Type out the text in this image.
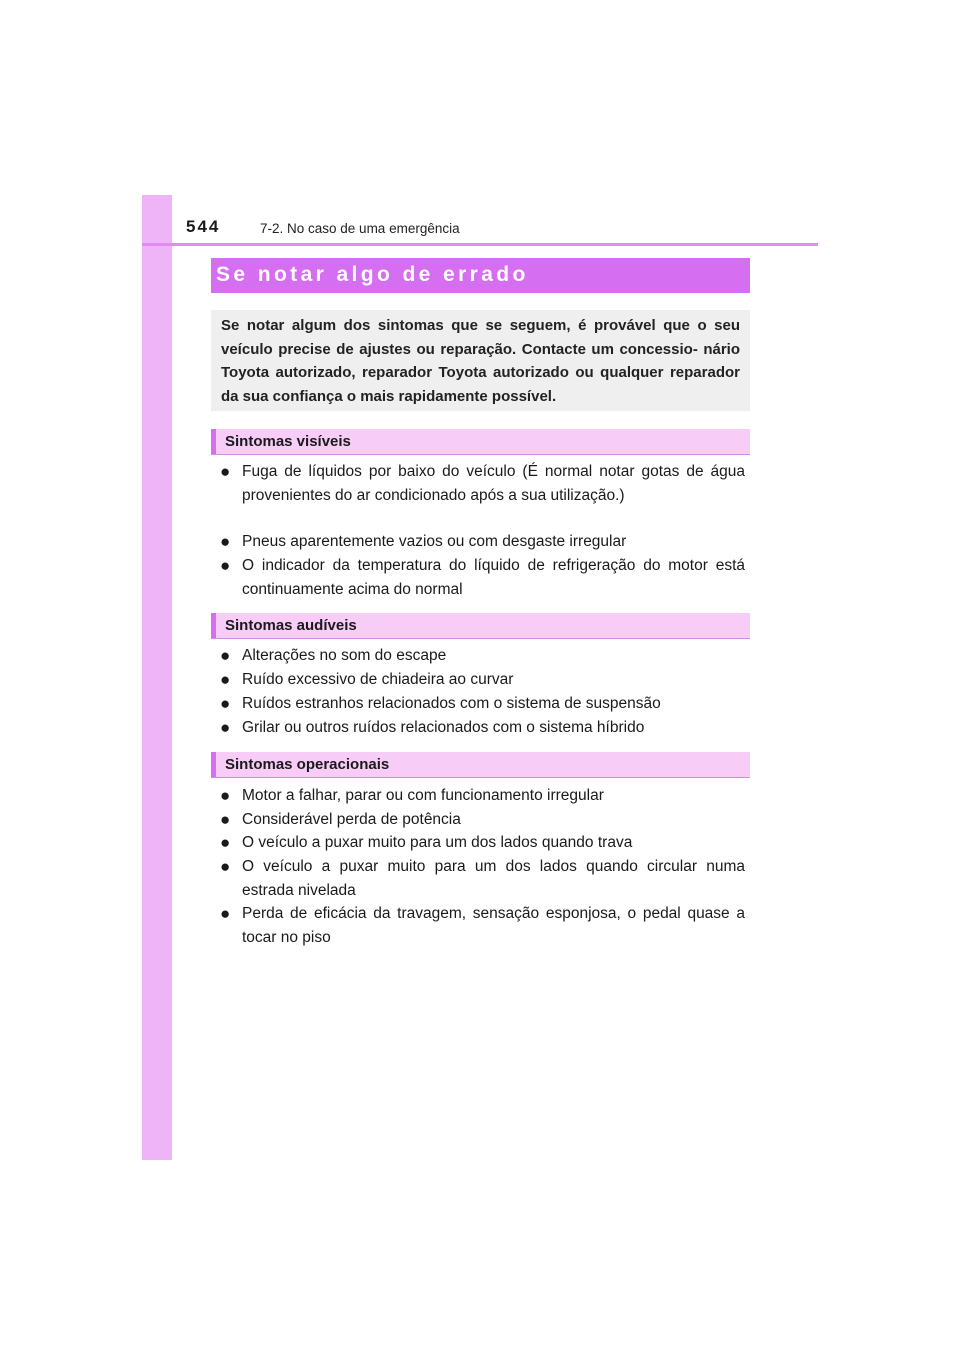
544	7-2. No caso de uma emergência
Se notar algo de errado

Se notar algum dos sintomas que se seguem, é provável que o seu veículo precise de ajustes ou reparação. Contacte um concessio- nário Toyota autorizado, reparador Toyota autorizado ou qualquer reparador da sua confiança o mais rapidamente possível.

Sintomas visíveis
● Fuga de líquidos por baixo do veículo (É normal notar gotas de água provenientes do ar condicionado após a sua utilização.)
● Pneus aparentemente vazios ou com desgaste irregular
● O indicador da temperatura do líquido de refrigeração do motor está continuamente acima do normal
Sintomas audíveis
● Alterações no som do escape
● Ruído excessivo de chiadeira ao curvar
● Ruídos estranhos relacionados com o sistema de suspensão
● Grilar ou outros ruídos relacionados com o sistema híbrido
Sintomas operacionais
● Motor a falhar, parar ou com funcionamento irregular
● Considerável perda de potência
● O veículo a puxar muito para um dos lados quando trava
● O veículo a puxar muito para um dos lados quando circular numa estrada nivelada
● Perda de eficácia da travagem, sensação esponjosa, o pedal quase a tocar no piso
